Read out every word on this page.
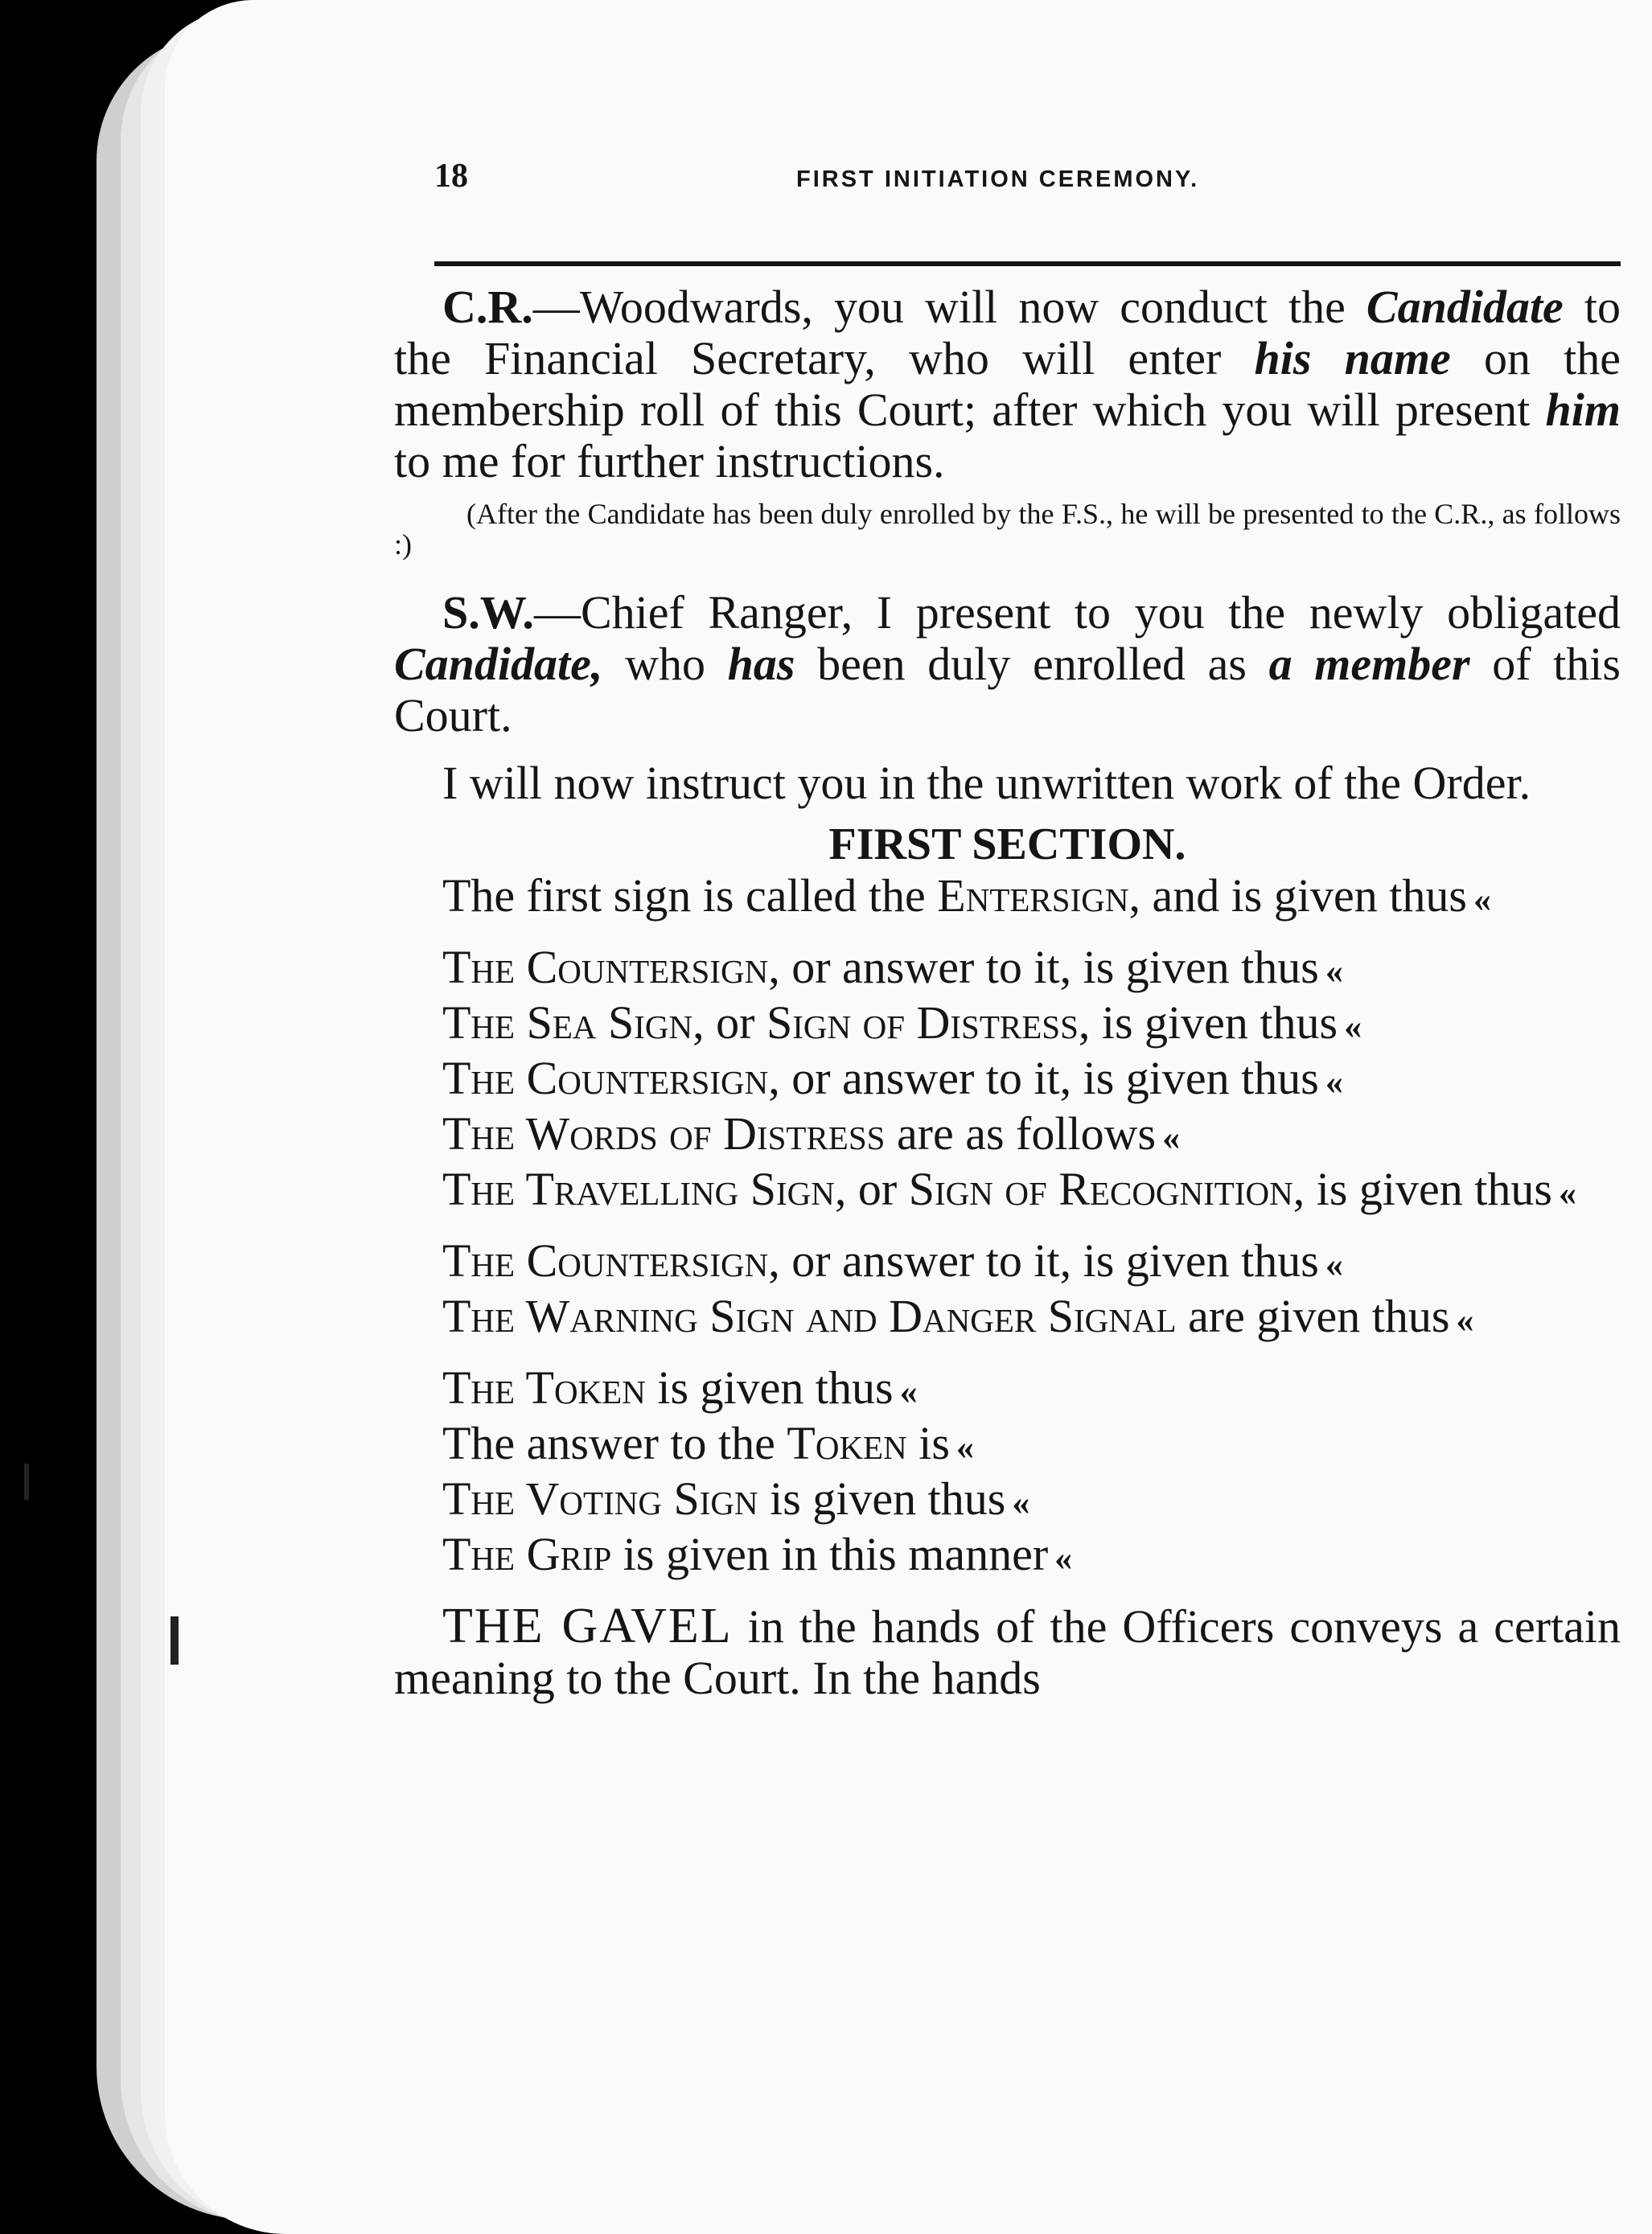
18	FIRST INITIATION CEREMONY.

C.R.—Woodwards, you will now conduct the Candidate to the Financial Secretary, who will enter his name on the membership roll of this Court; after which you will present him to me for further instructions.

(After the Candidate has been duly enrolled by the F.S., he will be presented to the C.R., as follows :)

S.W.—Chief Ranger, I present to you the newly obligated Candidate, who has been duly enrolled as a member of this Court.

I will now instruct you in the unwritten work of the Order.

FIRST SECTION.

The first sign is called the Entersign, and is given thus «

The Countersign, or answer to it, is given thus «

The Sea Sign, or Sign of Distress, is given thus «

The Countersign, or answer to it, is given thus «

The Words of Distress are as follows «

The Travelling Sign, or Sign of Recognition, is given thus «

The Countersign, or answer to it, is given thus «

The Warning Sign and Danger Signal are given thus «

The Token is given thus «

The answer to the Token is «

The Voting Sign is given thus «

The Grip is given in this manner «

THE GAVEL in the hands of the Officers conveys a certain meaning to the Court. In the hands
